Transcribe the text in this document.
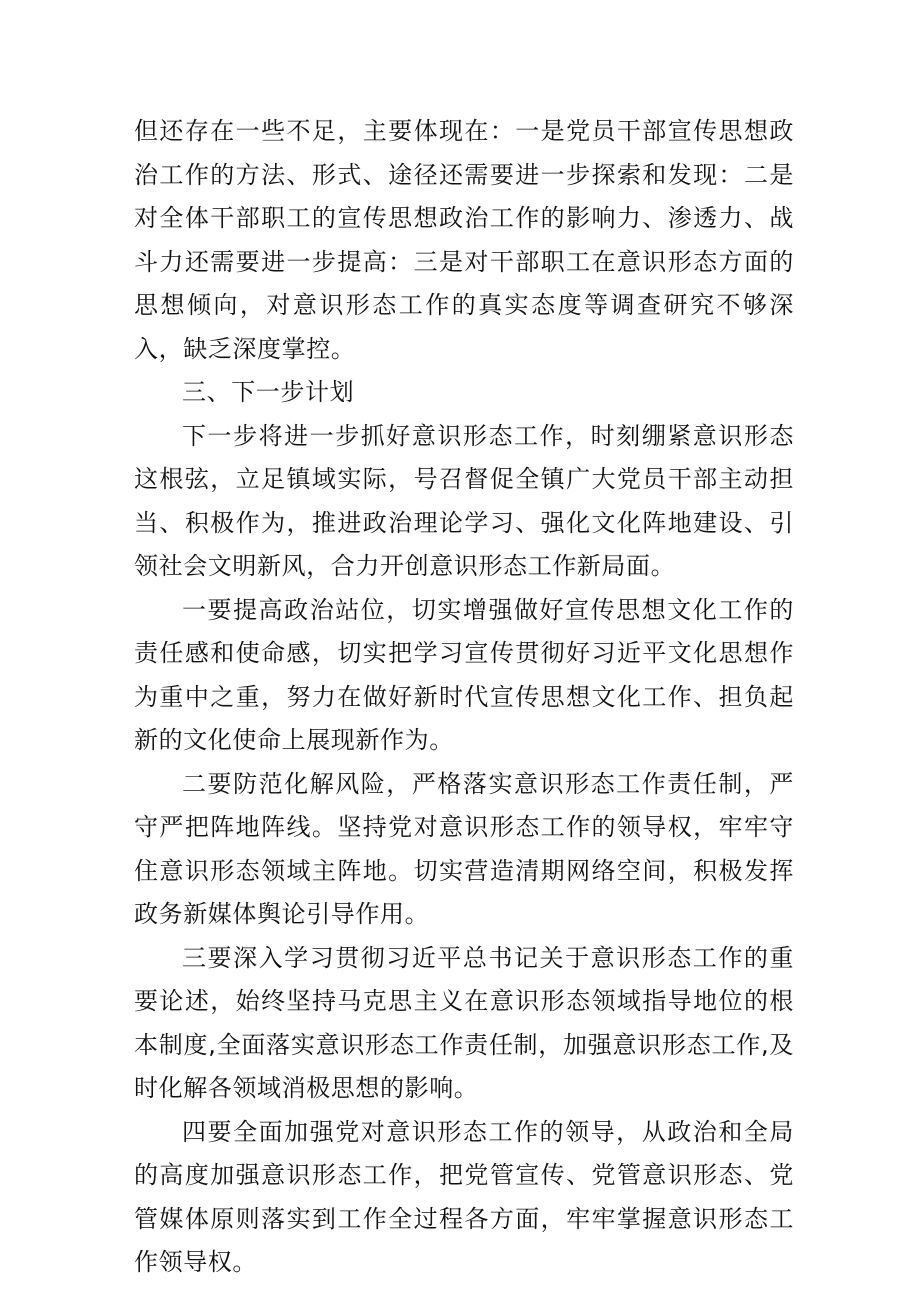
但还存在一些不足，主要体现在：一是党员干部宣传思想政治工作的方法、形式、途径还需要进一步探索和发现：二是对全体干部职工的宣传思想政治工作的影响力、渗透力、战斗力还需要进一步提高：三是对干部职工在意识形态方面的思想倾向，对意识形态工作的真实态度等调查研究不够深入，缺乏深度掌控。

三、下一步计划

下一步将进一步抓好意识形态工作，时刻绷紧意识形态这根弦，立足镇域实际，号召督促全镇广大党员干部主动担当、积极作为，推进政治理论学习、强化文化阵地建设、引领社会文明新风，合力开创意识形态工作新局面。

一要提高政治站位，切实增强做好宣传思想文化工作的责任感和使命感，切实把学习宣传贯彻好习近平文化思想作为重中之重，努力在做好新时代宣传思想文化工作、担负起新的文化使命上展现新作为。

二要防范化解风险，严格落实意识形态工作责任制，严守严把阵地阵线。坚持党对意识形态工作的领导权，牢牢守住意识形态领域主阵地。切实营造清期网络空间，积极发挥政务新媒体舆论引导作用。

三要深入学习贯彻习近平总书记关于意识形态工作的重要论述，始终坚持马克思主义在意识形态领域指导地位的根本制度,全面落实意识形态工作责任制，加强意识形态工作,及时化解各领域消极思想的影响。

四要全面加强党对意识形态工作的领导，从政治和全局的高度加强意识形态工作，把党管宣传、党管意识形态、党管媒体原则落实到工作全过程各方面，牢牢掌握意识形态工作领导权。
